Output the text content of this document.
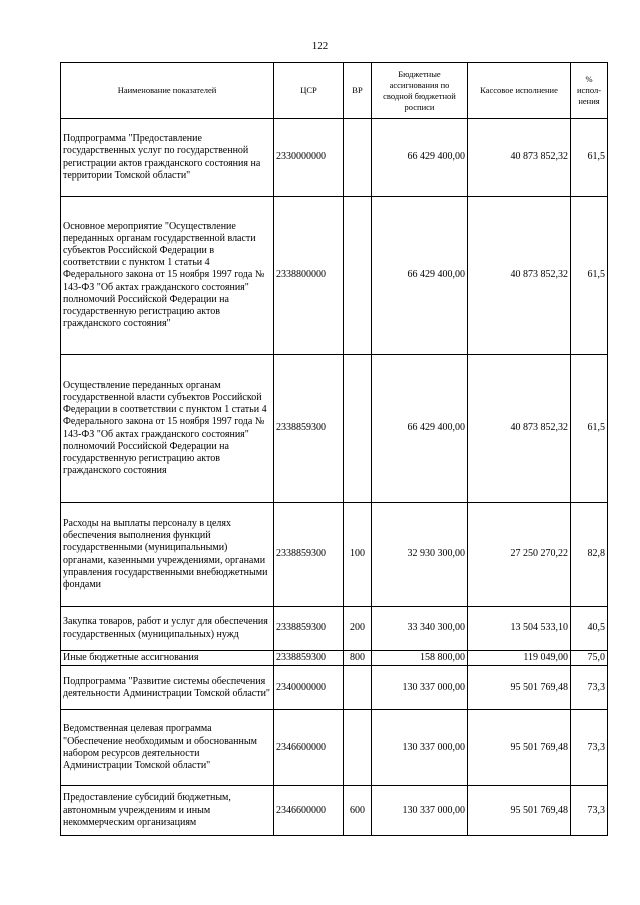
122
Наименование показателей	ЦСР	ВР	Бюджетные ассигнования по сводной бюджетной росписи	Кассовое исполнение	% испол-нения
Подпрограмма "Предоставление государственных услуг по государственной регистрации актов гражданского состояния на территории Томской области"	2330000000		66 429 400,00	40 873 852,32	61,5
Основное мероприятие "Осуществление переданных органам государственной власти субъектов Российской Федерации в соответствии с пунктом 1 статьи 4 Федерального закона от 15 ноября 1997 года № 143-ФЗ "Об актах гражданского состояния" полномочий Российской Федерации на государственную регистрацию актов гражданского состояния"	2338800000		66 429 400,00	40 873 852,32	61,5
Осуществление переданных органам государственной власти субъектов Российской Федерации в соответствии с пунктом 1 статьи 4 Федерального закона от 15 ноября 1997 года № 143-ФЗ "Об актах гражданского состояния" полномочий Российской Федерации на государственную регистрацию актов гражданского состояния	2338859300		66 429 400,00	40 873 852,32	61,5
Расходы на выплаты персоналу в целях обеспечения выполнения функций государственными (муниципальными) органами, казенными учреждениями, органами управления государственными внебюджетными фондами	2338859300	100	32 930 300,00	27 250 270,22	82,8
Закупка товаров, работ и услуг для обеспечения государственных (муниципальных) нужд	2338859300	200	33 340 300,00	13 504 533,10	40,5
Иные бюджетные ассигнования	2338859300	800	158 800,00	119 049,00	75,0
Подпрограмма "Развитие системы обеспечения деятельности Администрации Томской области"	2340000000		130 337 000,00	95 501 769,48	73,3
Ведомственная целевая программа "Обеспечение необходимым и обоснованным набором ресурсов деятельности Администрации Томской области"	2346600000		130 337 000,00	95 501 769,48	73,3
Предоставление субсидий бюджетным, автономным учреждениям и иным некоммерческим организациям	2346600000	600	130 337 000,00	95 501 769,48	73,3
